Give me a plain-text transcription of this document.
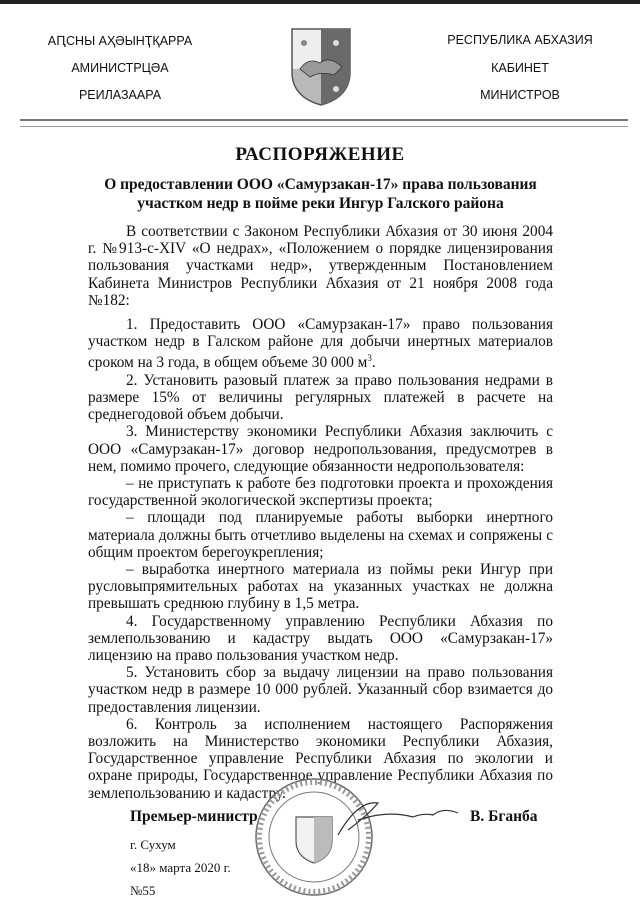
АԤСНЫ АҲӘЫНҬҚАРРА
АМИНИСТРЦӘА
РЕИЛАЗААРА
РЕСПУБЛИКА АБХАЗИЯ
КАБИНЕТ
МИНИСТРОВ
РАСПОРЯЖЕНИЕ
О предоставлении ООО «Самурзакан-17» права пользования
участком недр в пойме реки Ингур Галского района

В соответствии с Законом Республики Абхазия от 30 июня 2004 г. №913-с-XIV «О недрах», «Положением о порядке лицензирования пользования участками недр», утвержденным Постановлением Кабинета Министров Республики Абхазия от 21 ноября 2008 года №182:

1. Предоставить ООО «Самурзакан-17» право пользования участком недр в Галском районе для добычи инертных материалов сроком на 3 года, в общем объеме 30 000 $м^3$.

2. Установить разовый платеж за право пользования недрами в размере 15% от величины регулярных платежей в расчете на среднегодовой объем добычи.

3. Министерству экономики Республики Абхазия заключить с ООО «Самурзакан-17» договор недропользования, предусмотрев в нем, помимо прочего, следующие обязанности недропользователя:

– не приступать к работе без подготовки проекта и прохождения государственной экологической экспертизы проекта;

– площади под планируемые работы выборки инертного материала должны быть отчетливо выделены на схемах и сопряжены с общим проектом берегоукрепления;

– выработка инертного материала из поймы реки Ингур при русловыпрямительных работах на указанных участках не должна превышать среднюю глубину в 1,5 метра.

4. Государственному управлению Республики Абхазия по землепользованию и кадастру выдать ООО «Самурзакан-17» лицензию на право пользования участком недр.

5. Установить сбор за выдачу лицензии на право пользования участком недр в размере 10 000 рублей. Указанный сбор взимается до предоставления лицензии.

6. Контроль за исполнением настоящего Распоряжения возложить на Министерство экономики Республики Абхазия, Государственное управление Республики Абхазия по экологии и охране природы, Государственное управление Республики Абхазия по землепользованию и кадастру.

Премьер-министр	В. Бганба
г. Сухум
«18» марта 2020 г.
№55
